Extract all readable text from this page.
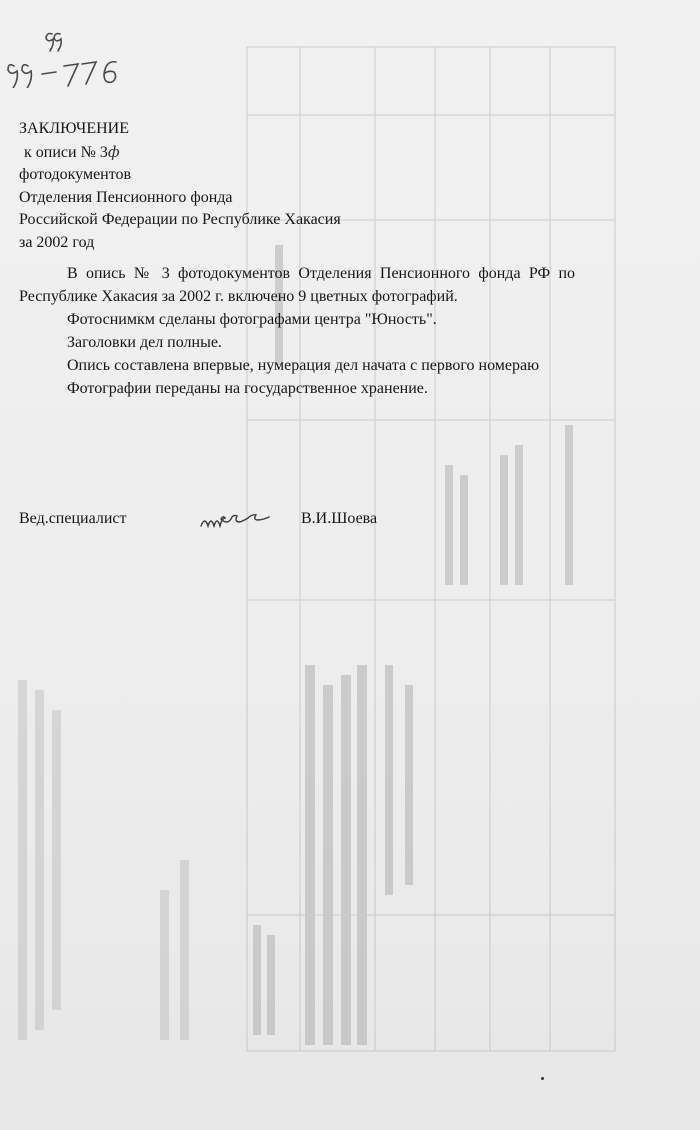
ЗАКЛЮЧЕНИЕ
к описи № 3ф
фотодокументов
Отделения Пенсионного фонда
Российской Федерации по Республике Хакасия
за 2002 год
В опись № 3 фотодокументов Отделения Пенсионного фонда РФ по Республике Хакасия за 2002 г. включено 9 цветных фотографий.
Фотоснимкм сделаны фотографами центра "Юность".
Заголовки дел полные.
Опись составлена впервые, нумерация дел начата с первого номераю
Фотографии переданы на государственное хранение.
Вед.специалист	В.И.Шоева
